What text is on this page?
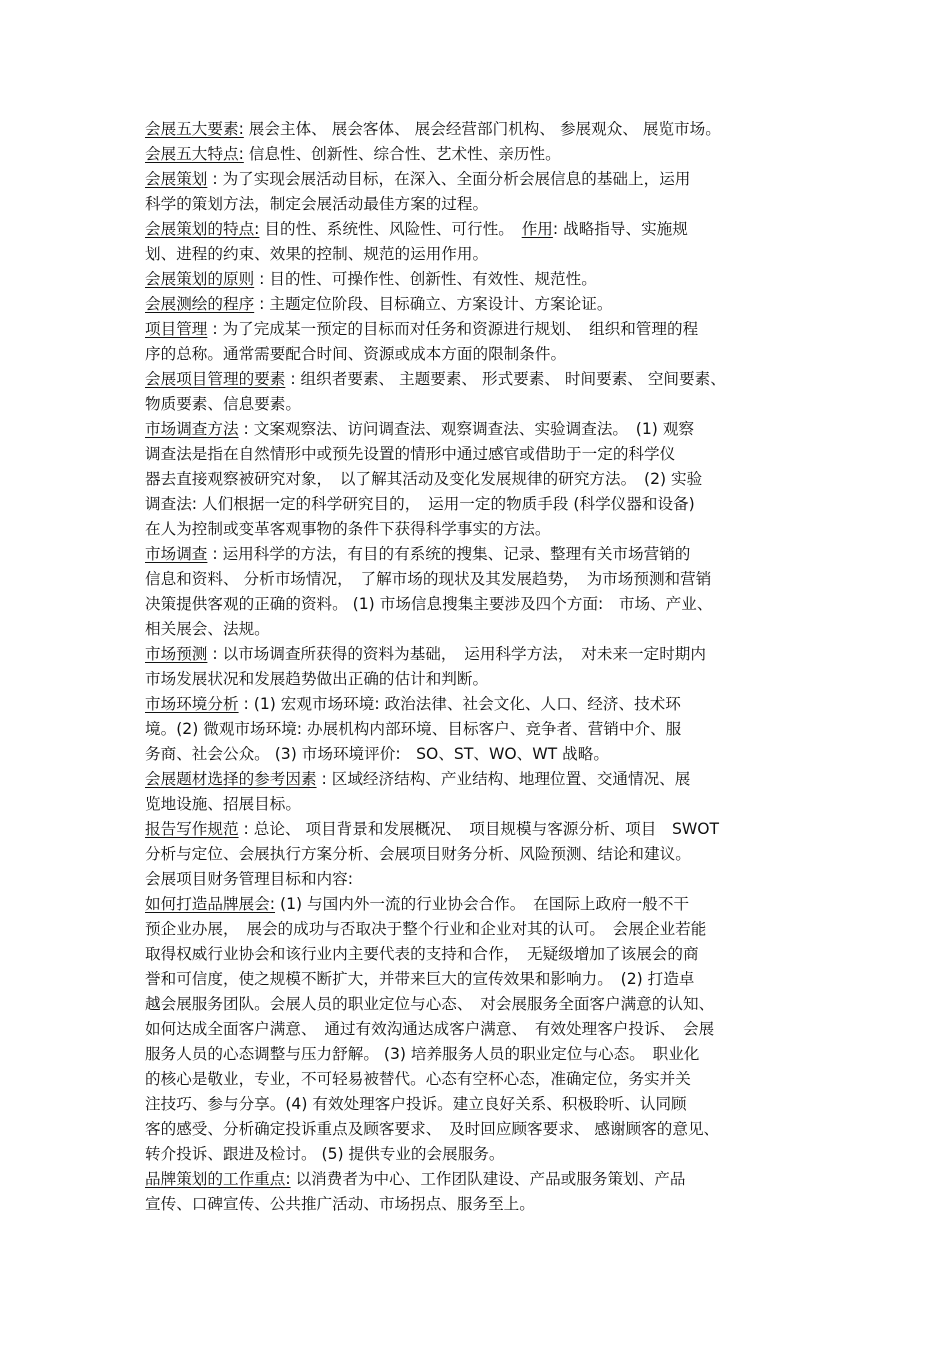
会展五大要素: 展会主体、 展会客体、 展会经营部门机构、 参展观众、 展览市场。
会展五大特点: 信息性、创新性、综合性、艺术性、亲历性。
会展策划 : 为了实现会展活动目标，在深入、全面分析会展信息的基础上，运用
科学的策划方法，制定会展活动最佳方案的过程。
会展策划的特点: 目的性、系统性、风险性、可行性。　 作用: 战略指导、实施规
划、进程的约束、效果的控制、规范的运用作用。
会展策划的原则 : 目的性、可操作性、创新性、有效性、规范性。
会展测绘的程序 : 主题定位阶段、目标确立、方案设计、方案论证。
项目管理 : 为了完成某一预定的目标而对任务和资源进行规划、　组织和管理的程
序的总称。通常需要配合时间、资源或成本方面的限制条件。
会展项目管理的要素 : 组织者要素、 主题要素、 形式要素、 时间要素、 空间要素、
物质要素、信息要素。
市场调查方法 : 文案观察法、访问调查法、观察调查法、实验调查法。　(1) 观察
调查法是指在自然情形中或预先设置的情形中通过感官或借助于一定的科学仪
器去直接观察被研究对象，　以了解其活动及变化发展规律的研究方法。　(2) 实验
调查法: 人们根据一定的科学研究目的，　运用一定的物质手段 (科学仪器和设备)
在人为控制或变革客观事物的条件下获得科学事实的方法。
市场调查 : 运用科学的方法，有目的有系统的搜集、记录、整理有关市场营销的
信息和资料、 分析市场情况，　了解市场的现状及其发展趋势，　为市场预测和营销
决策提供客观的正确的资料。 (1) 市场信息搜集主要涉及四个方面:　市场、产业、
相关展会、法规。
市场预测 : 以市场调查所获得的资料为基础，　运用科学方法，　对未来一定时期内
市场发展状况和发展趋势做出正确的估计和判断。
市场环境分析 : (1) 宏观市场环境: 政治法律、社会文化、人口、经济、技术环
境。(2) 微观市场环境: 办展机构内部环境、目标客户、竞争者、营销中介、服
务商、社会公众。 (3) 市场环境评价:　SO、ST、WO、WT 战略。
会展题材选择的参考因素 : 区域经济结构、产业结构、地理位置、交通情况、展
览地设施、招展目标。
报告写作规范 : 总论、 项目背景和发展概况、　项目规模与客源分析、项目　SWOT
分析与定位、会展执行方案分析、会展项目财务分析、风险预测、结论和建议。
会展项目财务管理目标和内容:
如何打造品牌展会: (1) 与国内外一流的行业协会合作。　在国际上政府一般不干
预企业办展，　展会的成功与否取决于整个行业和企业对其的认可。　会展企业若能
取得权威行业协会和该行业内主要代表的支持和合作，　无疑级增加了该展会的商
誉和可信度，使之规模不断扩大，并带来巨大的宣传效果和影响力。　(2) 打造卓
越会展服务团队。会展人员的职业定位与心态、　对会展服务全面客户满意的认知、
如何达成全面客户满意、　通过有效沟通达成客户满意、　有效处理客户投诉、　会展
服务人员的心态调整与压力舒解。 (3) 培养服务人员的职业定位与心态。　职业化
的核心是敬业，专业，不可轻易被替代。心态有空杯心态，准确定位，务实并关
注技巧、参与分享。(4) 有效处理客户投诉。建立良好关系、积极聆听、认同顾
客的感受、分析确定投诉重点及顾客要求、　及时回应顾客要求、 感谢顾客的意见、
转介投诉、跟进及检讨。 (5) 提供专业的会展服务。
品牌策划的工作重点: 以消费者为中心、工作团队建设、产品或服务策划、产品
宣传、口碑宣传、公共推广活动、市场拐点、服务至上。
